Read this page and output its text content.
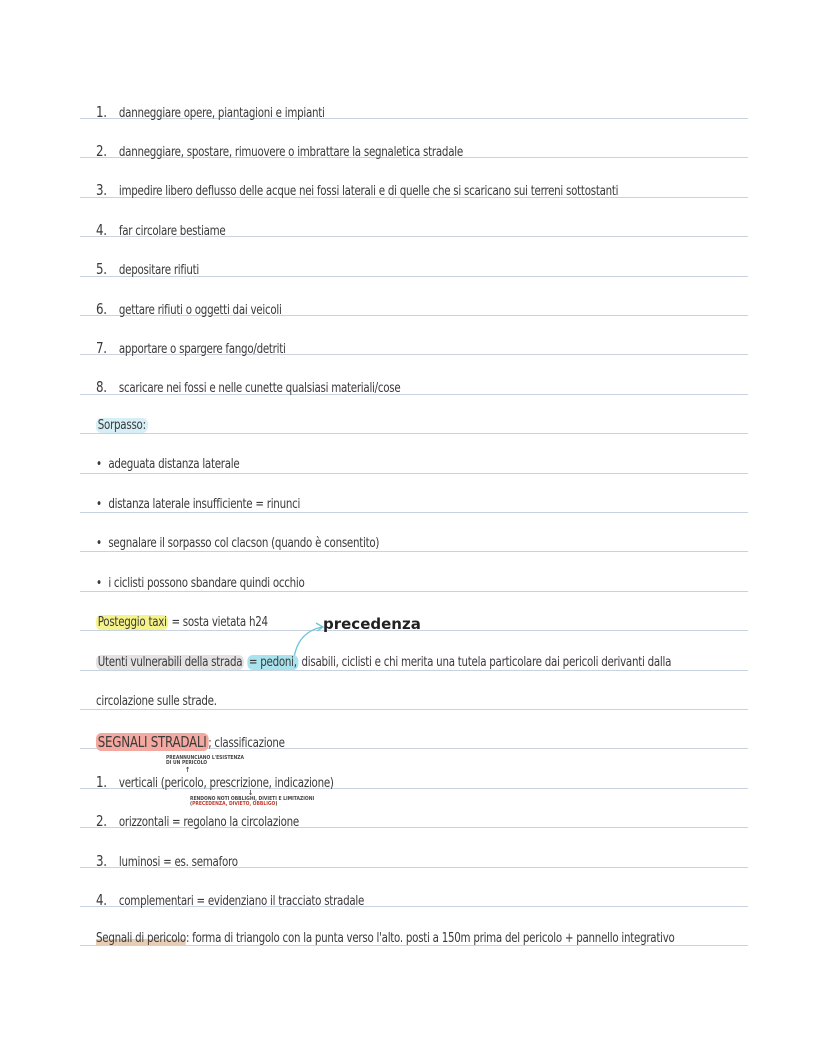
1. danneggiare opere, piantagioni e impianti
2. danneggiare, spostare, rimuovere o imbrattare la segnaletica stradale
3. impedire libero deflusso delle acque nei fossi laterali e di quelle che si scaricano sui terreni sottostanti
4. far circolare bestiame
5. depositare rifiuti
6. gettare rifiuti o oggetti dai veicoli
7. apportare o spargere fango/detriti
8. scaricare nei fossi e nelle cunette qualsiasi materiali/cose
Sorpasso:
• adeguata distanza laterale
• distanza laterale insufficiente = rinunci
• segnalare il sorpasso col clacson (quando è consentito)
• i ciclisti possono sbandare quindi occhio
Posteggio taxi = sosta vietata h24	precedenza
Utenti vulnerabili della strada = pedoni, disabili, ciclisti e chi merita una tutela particolare dai pericoli derivanti dalla
circolazione sulle strade.
SEGNALI STRADALI ; classificazione
PREANNUNCIANO L'ESISTENZA DI UN PERICOLO
↑
1. verticali (pericolo, prescrizione, indicazione)
↓
RENDONO NOTI OBBLIGHI, DIVIETI E LIMITAZIONI (PRECEDENZA, DIVIETO, OBBLIGO)
2. orizzontali = regolano la circolazione
3. luminosi = es. semaforo
4. complementari = evidenziano il tracciato stradale
Segnali di pericolo: forma di triangolo con la punta verso l'alto. posti a 150m prima del pericolo + pannello integrativo
